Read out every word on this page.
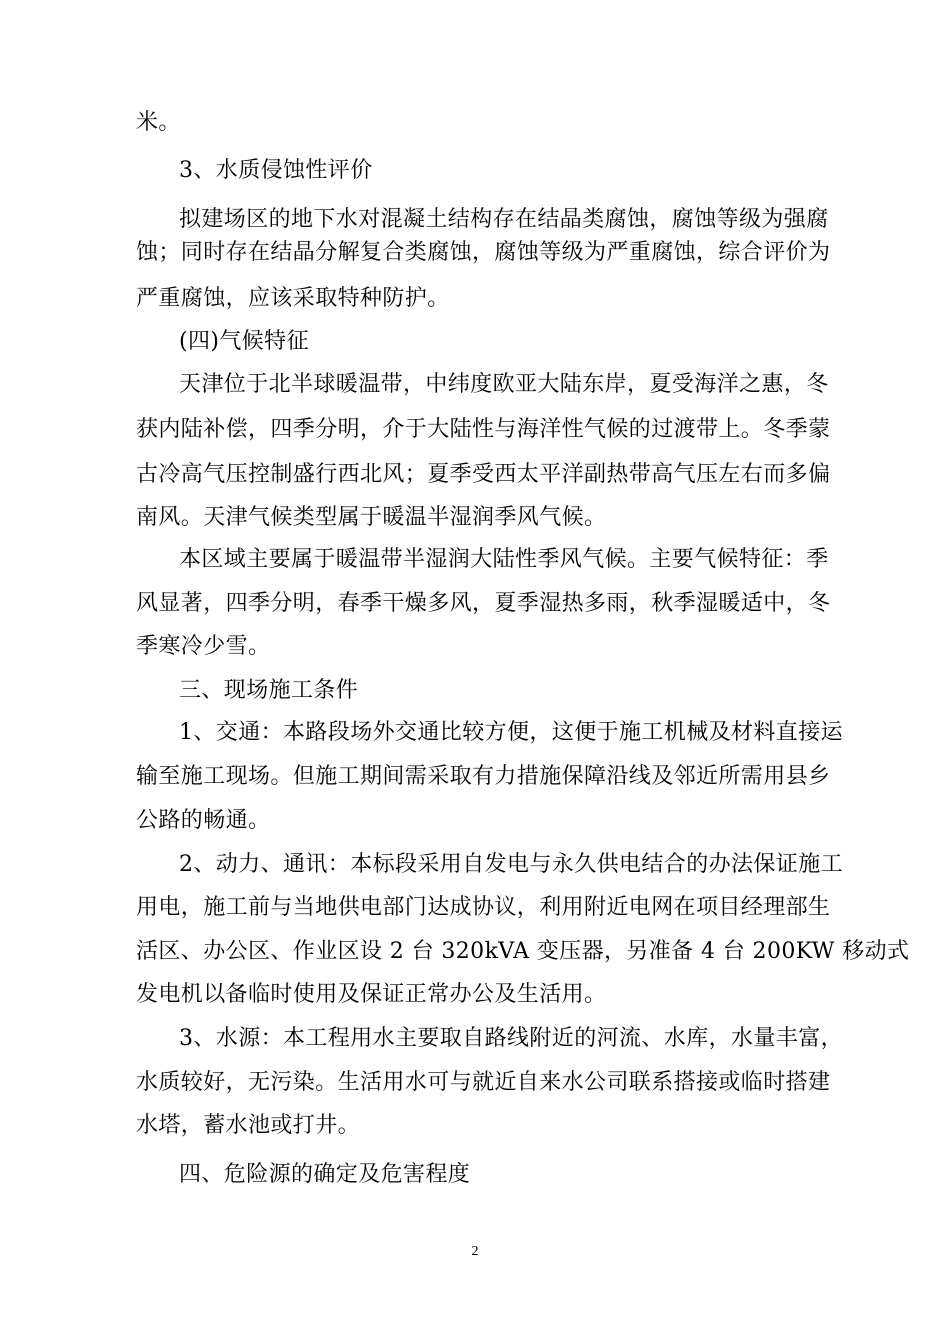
米。
3、水质侵蚀性评价
拟建场区的地下水对混凝土结构存在结晶类腐蚀，腐蚀等级为强腐
蚀；同时存在结晶分解复合类腐蚀，腐蚀等级为严重腐蚀，综合评价为
严重腐蚀，应该采取特种防护。
(四)气候特征
天津位于北半球暖温带，中纬度欧亚大陆东岸，夏受海洋之惠，冬
获内陆补偿，四季分明，介于大陆性与海洋性气候的过渡带上。冬季蒙
古冷高气压控制盛行西北风；夏季受西太平洋副热带高气压左右而多偏
南风。天津气候类型属于暖温半湿润季风气候。
本区域主要属于暖温带半湿润大陆性季风气候。主要气候特征：季
风显著，四季分明，春季干燥多风，夏季湿热多雨，秋季湿暖适中，冬
季寒冷少雪。
三、现场施工条件
1、交通：本路段场外交通比较方便，这便于施工机械及材料直接运
输至施工现场。但施工期间需采取有力措施保障沿线及邻近所需用县乡
公路的畅通。
2、动力、通讯：本标段采用自发电与永久供电结合的办法保证施工
用电，施工前与当地供电部门达成协议，利用附近电网在项目经理部生
活区、办公区、作业区设 2 台 320kVA 变压器，另准备 4 台 200KW 移动式
发电机以备临时使用及保证正常办公及生活用。
3、水源：本工程用水主要取自路线附近的河流、水库，水量丰富，
水质较好，无污染。生活用水可与就近自来水公司联系搭接或临时搭建
水塔，蓄水池或打井。
四、危险源的确定及危害程度
2
